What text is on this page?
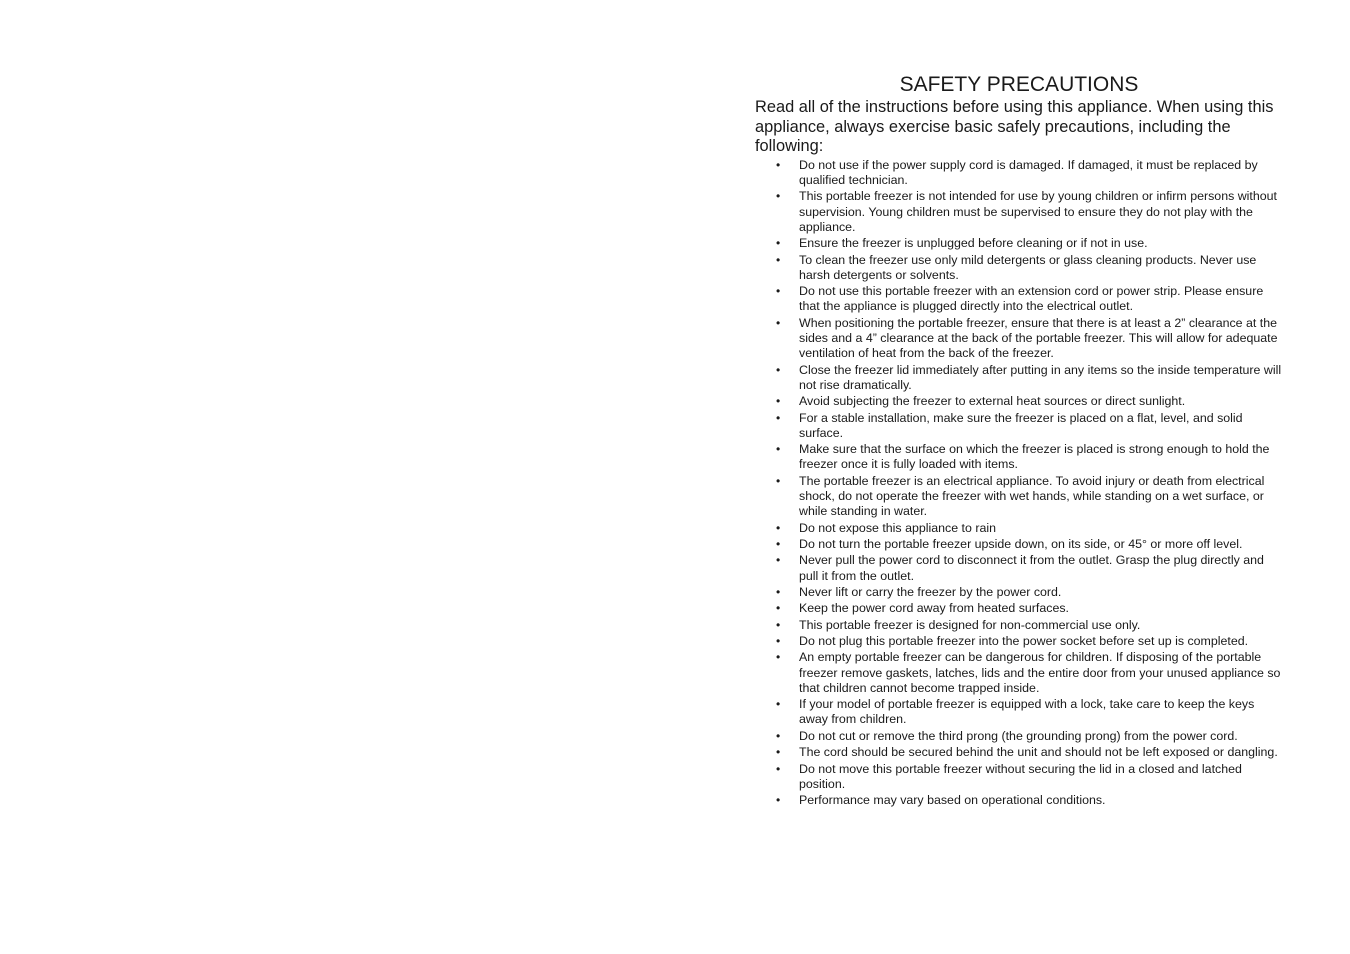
SAFETY PRECAUTIONS

Read all of the instructions before using this appliance. When using this appliance, always exercise basic safely precautions, including the following:

• Do not use if the power supply cord is damaged. If damaged, it must be replaced by qualified technician.
• This portable freezer is not intended for use by young children or infirm persons without supervision. Young children must be supervised to ensure they do not play with the appliance.
• Ensure the freezer is unplugged before cleaning or if not in use.
• To clean the freezer use only mild detergents or glass cleaning products. Never use harsh detergents or solvents.
• Do not use this portable freezer with an extension cord or power strip. Please ensure that the appliance is plugged directly into the electrical outlet.
• When positioning the portable freezer, ensure that there is at least a 2” clearance at the sides and a 4” clearance at the back of the portable freezer. This will allow for adequate ventilation of heat from the back of the freezer.
• Close the freezer lid immediately after putting in any items so the inside temperature will not rise dramatically.
• Avoid subjecting the freezer to external heat sources or direct sunlight.
• For a stable installation, make sure the freezer is placed on a flat, level, and solid surface.
• Make sure that the surface on which the freezer is placed is strong enough to hold the freezer once it is fully loaded with items.
• The portable freezer is an electrical appliance. To avoid injury or death from electrical shock, do not operate the freezer with wet hands, while standing on a wet surface, or while standing in water.
• Do not expose this appliance to rain
• Do not turn the portable freezer upside down, on its side, or 45° or more off level.
• Never pull the power cord to disconnect it from the outlet. Grasp the plug directly and pull it from the outlet.
• Never lift or carry the freezer by the power cord.
• Keep the power cord away from heated surfaces.
• This portable freezer is designed for non-commercial use only.
• Do not plug this portable freezer into the power socket before set up is completed.
• An empty portable freezer can be dangerous for children. If disposing of the portable freezer remove gaskets, latches, lids and the entire door from your unused appliance so that children cannot become trapped inside.
• If your model of portable freezer is equipped with a lock, take care to keep the keys away from children.
• Do not cut or remove the third prong (the grounding prong) from the power cord.
• The cord should be secured behind the unit and should not be left exposed or dangling.
• Do not move this portable freezer without securing the lid in a closed and latched position.
• Performance may vary based on operational conditions.
